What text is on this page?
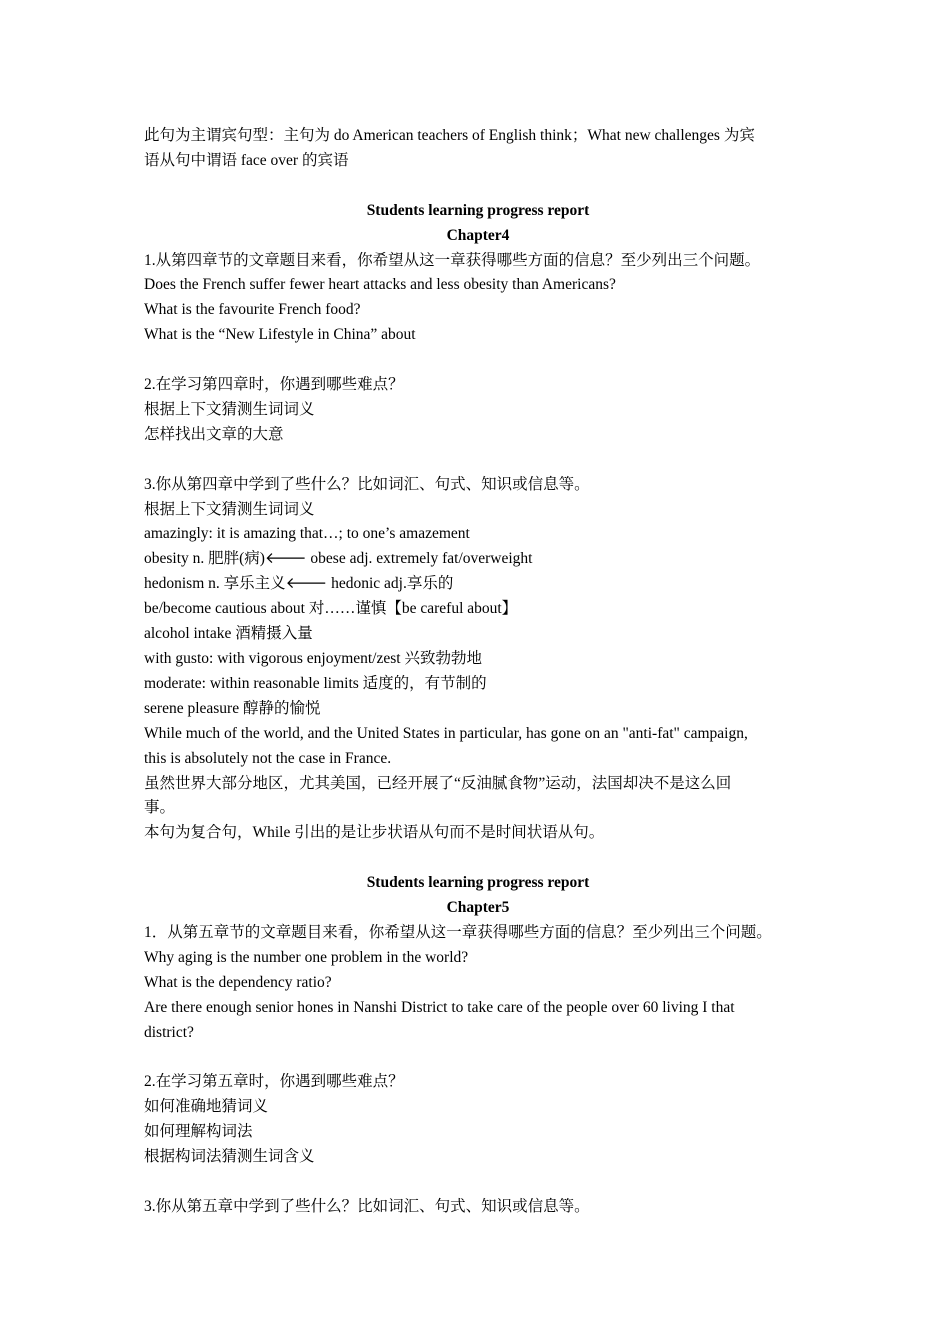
此句为主谓宾句型：主句为 do American teachers of English think；What new challenges 为宾

语从句中谓语 face over 的宾语

Students learning progress report

Chapter4

1.从第四章节的文章题目来看，你希望从这一章获得哪些方面的信息？至少列出三个问题。

Does the French suffer fewer heart attacks and less obesity than Americans?

What is the favourite French food?

What is the “New Lifestyle in China” about

2.在学习第四章时，你遇到哪些难点？

根据上下文猜测生词词义

怎样找出文章的大意

3.你从第四章中学到了些什么？比如词汇、句式、知识或信息等。

根据上下文猜测生词词义

amazingly: it is amazing that…; to one’s amazement

obesity n. 肥胖(病)🡐 obese adj. extremely fat/overweight

hedonism n. 享乐主义🡐 hedonic adj.享乐的

be/become cautious about 对……谨慎【be careful about】

alcohol intake 酒精摄入量

with gusto: with vigorous enjoyment/zest 兴致勃勃地

moderate: within reasonable limits 适度的，有节制的

serene pleasure 醇静的愉悦

While much of the world, and the United States in particular, has gone on an "anti-fat" campaign,

this is absolutely not the case in France.

虽然世界大部分地区，尤其美国，已经开展了“反油腻食物”运动，法国却决不是这么回

事。

本句为复合句，While 引出的是让步状语从句而不是时间状语从句。

Students learning progress report

Chapter5

1．从第五章节的文章题目来看，你希望从这一章获得哪些方面的信息？至少列出三个问题。

Why aging is the number one problem in the world?

What is the dependency ratio?

Are there enough senior hones in Nanshi District to take care of the people over 60 living I that

district?

2.在学习第五章时，你遇到哪些难点？

如何准确地猜词义

如何理解构词法

根据构词法猜测生词含义

3.你从第五章中学到了些什么？比如词汇、句式、知识或信息等。
